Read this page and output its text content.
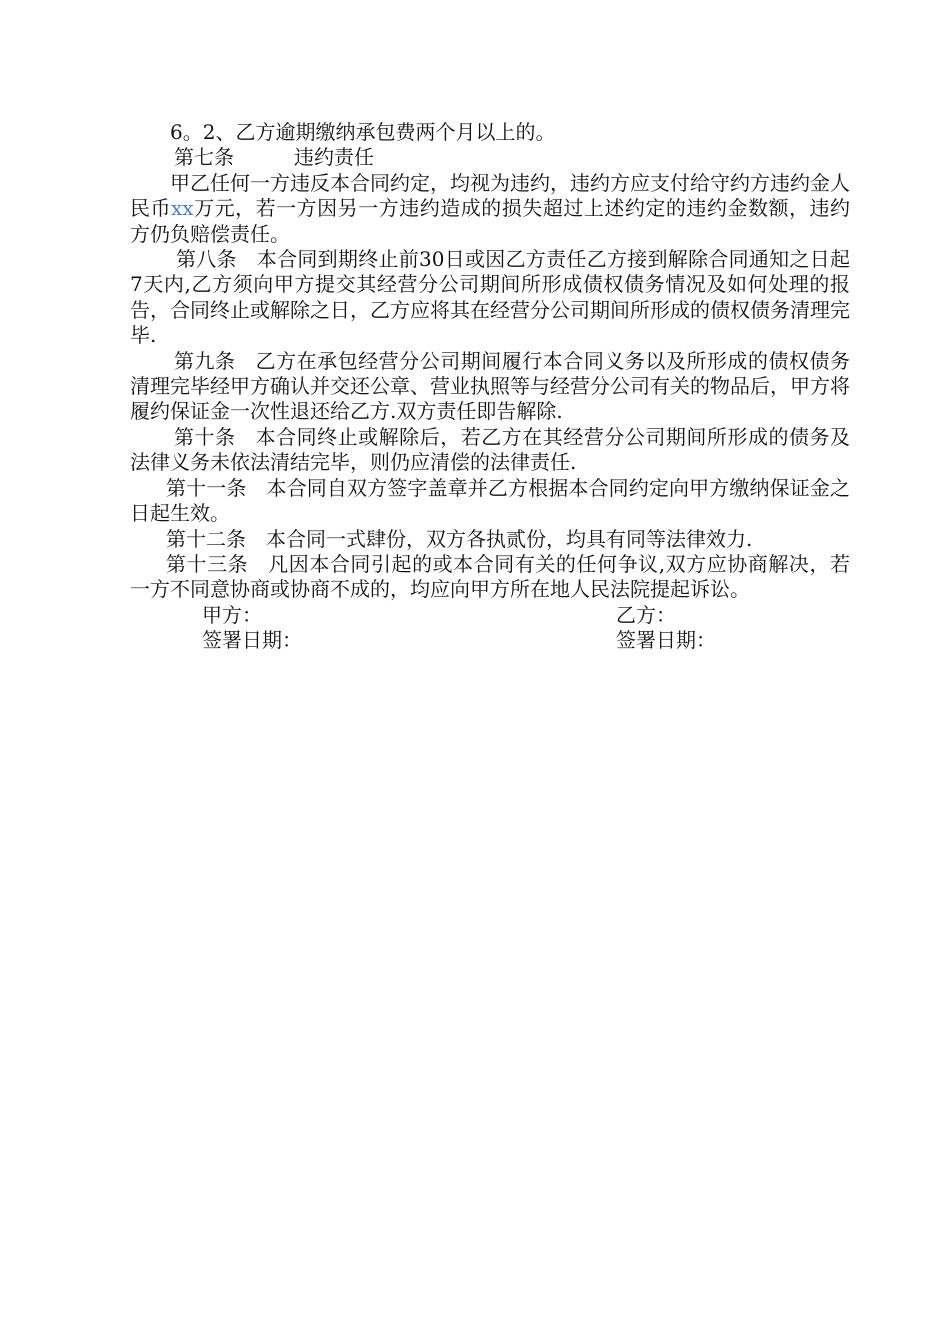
6。2、乙方逾期缴纳承包费两个月以上的。

第七条	违约责任

甲乙任何一方违反本合同约定，均视为违约，违约方应支付给守约方违约金人民币xx万元，若一方因另一方违约造成的损失超过上述约定的违约金数额，违约方仍负赔偿责任。

第八条 本合同到期终止前30日或因乙方责任乙方接到解除合同通知之日起7天内,乙方须向甲方提交其经营分公司期间所形成债权债务情况及如何处理的报告，合同终止或解除之日，乙方应将其在经营分公司期间所形成的债权债务清理完毕.

第九条 乙方在承包经营分公司期间履行本合同义务以及所形成的债权债务清理完毕经甲方确认并交还公章、营业执照等与经营分公司有关的物品后，甲方将履约保证金一次性退还给乙方.双方责任即告解除.

第十条 本合同终止或解除后，若乙方在其经营分公司期间所形成的债务及法律义务未依法清结完毕，则仍应清偿的法律责任.

第十一条 本合同自双方签字盖章并乙方根据本合同约定向甲方缴纳保证金之日起生效。

第十二条 本合同一式肆份，双方各执贰份，均具有同等法律效力.

第十三条 凡因本合同引起的或本合同有关的任何争议,双方应协商解决，若一方不同意协商或协商不成的，均应向甲方所在地人民法院提起诉讼。

甲方：	乙方：
签署日期：	签署日期：
